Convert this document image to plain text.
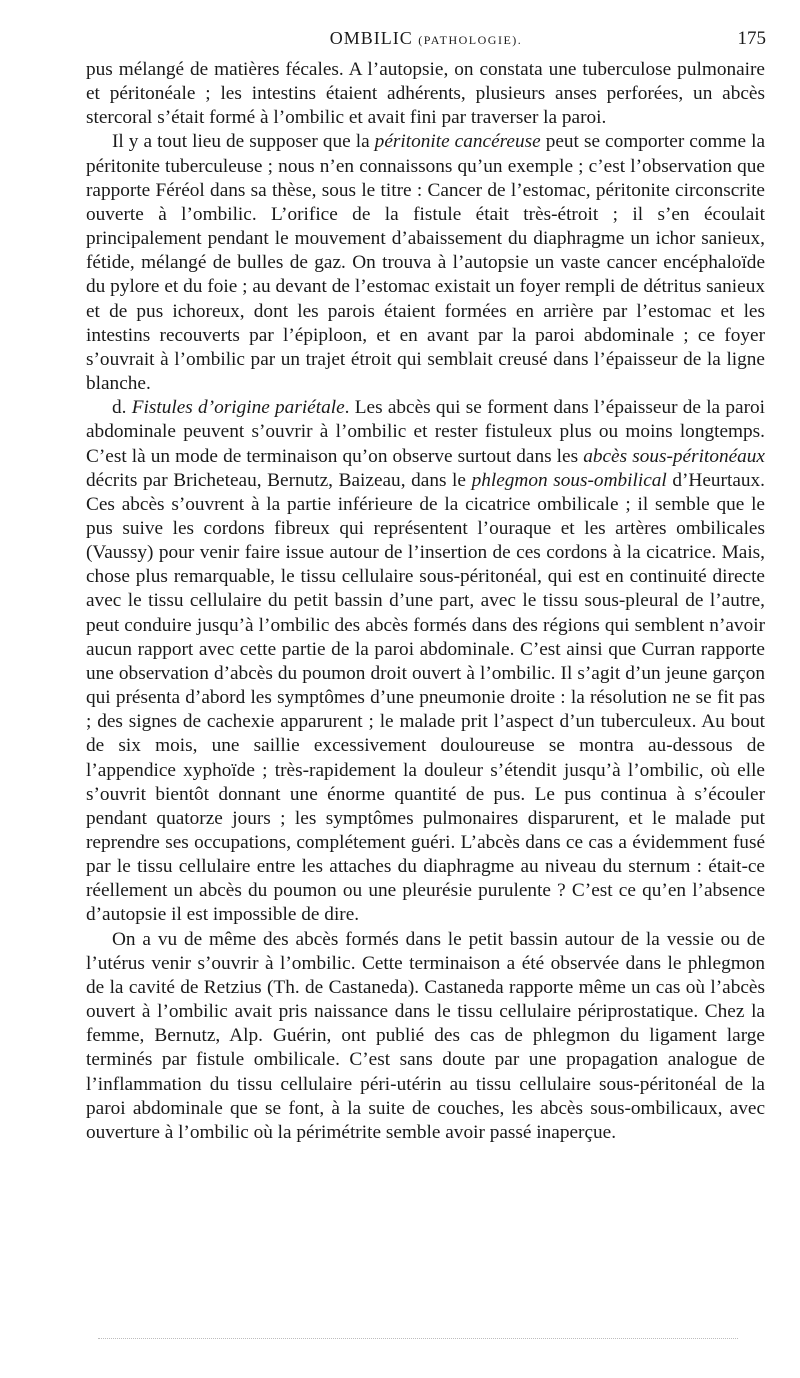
OMBILIC (PATHOLOGIE).	175

pus mélangé de matières fécales. A l’autopsie, on constata une tuberculose pulmonaire et péritonéale ; les intestins étaient adhérents, plusieurs anses perforées, un abcès stercoral s’était formé à l’ombilic et avait fini par traverser la paroi.

Il y a tout lieu de supposer que la péritonite cancéreuse peut se comporter comme la péritonite tuberculeuse ; nous n’en connaissons qu’un exemple ; c’est l’observation que rapporte Féréol dans sa thèse, sous le titre : Cancer de l’estomac, péritonite circonscrite ouverte à l’ombilic. L’orifice de la fistule était très-étroit ; il s’en écoulait principalement pendant le mouvement d’abaissement du diaphragme un ichor sanieux, fétide, mélangé de bulles de gaz. On trouva à l’autopsie un vaste cancer encéphaloïde du pylore et du foie ; au devant de l’estomac existait un foyer rempli de détritus sanieux et de pus ichoreux, dont les parois étaient formées en arrière par l’estomac et les intestins recouverts par l’épiploon, et en avant par la paroi abdominale ; ce foyer s’ouvrait à l’ombilic par un trajet étroit qui semblait creusé dans l’épaisseur de la ligne blanche.

d. Fistules d’origine pariétale. Les abcès qui se forment dans l’épaisseur de la paroi abdominale peuvent s’ouvrir à l’ombilic et rester fistuleux plus ou moins longtemps. C’est là un mode de terminaison qu’on observe surtout dans les abcès sous-péritonéaux décrits par Bricheteau, Bernutz, Baizeau, dans le phlegmon sous-ombilical d’Heurtaux. Ces abcès s’ouvrent à la partie inférieure de la cicatrice ombilicale ; il semble que le pus suive les cordons fibreux qui représentent l’ouraque et les artères ombilicales (Vaussy) pour venir faire issue autour de l’insertion de ces cordons à la cicatrice. Mais, chose plus remarquable, le tissu cellulaire sous-péritonéal, qui est en continuité directe avec le tissu cellulaire du petit bassin d’une part, avec le tissu sous-pleural de l’autre, peut conduire jusqu’à l’ombilic des abcès formés dans des régions qui semblent n’avoir aucun rapport avec cette partie de la paroi abdominale. C’est ainsi que Curran rapporte une observation d’abcès du poumon droit ouvert à l’ombilic. Il s’agit d’un jeune garçon qui présenta d’abord les symptômes d’une pneumonie droite : la résolution ne se fit pas ; des signes de cachexie apparurent ; le malade prit l’aspect d’un tuberculeux. Au bout de six mois, une saillie excessivement douloureuse se montra au-dessous de l’appendice xyphoïde ; très-rapidement la douleur s’étendit jusqu’à l’ombilic, où elle s’ouvrit bientôt donnant une énorme quantité de pus. Le pus continua à s’écouler pendant quatorze jours ; les symptômes pulmonaires disparurent, et le malade put reprendre ses occupations, complétement guéri. L’abcès dans ce cas a évidemment fusé par le tissu cellulaire entre les attaches du diaphragme au niveau du sternum : était-ce réellement un abcès du poumon ou une pleurésie purulente ? C’est ce qu’en l’absence d’autopsie il est impossible de dire.

On a vu de même des abcès formés dans le petit bassin autour de la vessie ou de l’utérus venir s’ouvrir à l’ombilic. Cette terminaison a été observée dans le phlegmon de la cavité de Retzius (Th. de Castaneda). Castaneda rapporte même un cas où l’abcès ouvert à l’ombilic avait pris naissance dans le tissu cellulaire périprostatique. Chez la femme, Bernutz, Alp. Guérin, ont publié des cas de phlegmon du ligament large terminés par fistule ombilicale. C’est sans doute par une propagation analogue de l’inflammation du tissu cellulaire péri-utérin au tissu cellulaire sous-péritonéal de la paroi abdominale que se font, à la suite de couches, les abcès sous-ombilicaux, avec ouverture à l’ombilic où la périmétrite semble avoir passé inaperçue.
